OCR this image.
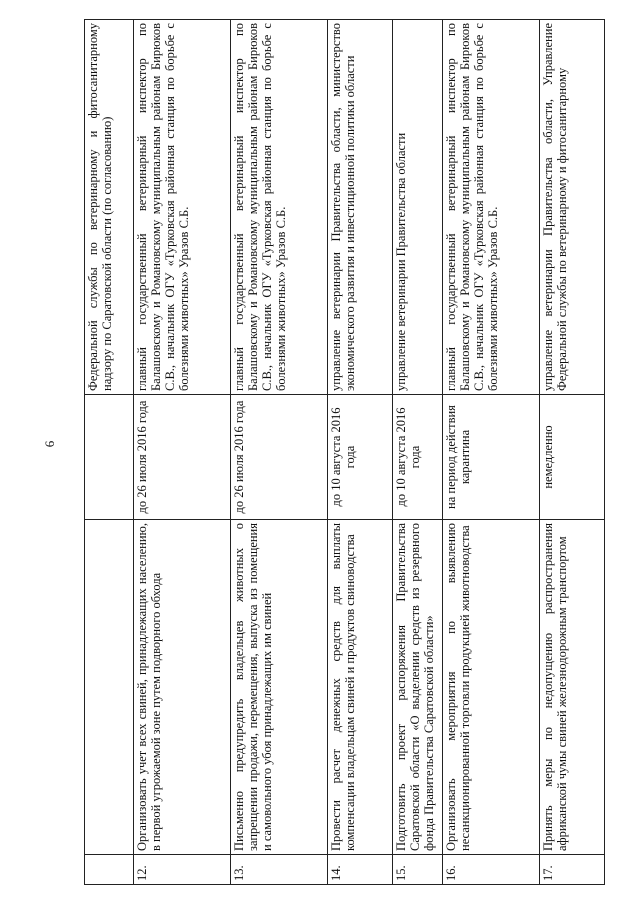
6
			Федеральной службы по ветеринарному и фитосанитарному надзору по Саратовской области (по согласованию)
12.	Организовать учет всех свиней, принадлежащих населению, в первой угрожаемой зоне путем подворного обхода	до 26 июля 2016 года	главный государственный ветеринарный инспектор по Балашовскому и Романовскому муниципальным районам Бирюков С.В., начальник ОГУ «Турковская районная станция по борьбе с болезнями животных» Уразов С.Б.
13.	Письменно предупредить владельцев животных о запрещении продажи, перемещения, выпуска из помещения и самовольного убоя принадлежащих им свиней	до 26 июля 2016 года	главный государственный ветеринарный инспектор по Балашовскому и Романовскому муниципальным районам Бирюков С.В., начальник ОГУ «Турковская районная станция по борьбе с болезнями животных» Уразов С.Б.
14.	Провести расчет денежных средств для выплаты компенсации владельцам свиней и продуктов свиноводства	до 10 августа 2016 года	управление ветеринарии Правительства области, министерство экономического развития и инвестиционной политики области
15.	Подготовить проект распоряжения Правительства Саратовской области «О выделении средств из резервного фонда Правительства Саратовской области»	до 10 августа 2016 года	управление ветеринарии Правительства области
16.	Организовать мероприятия по выявлению несанкционированной торговли продукцией животноводства	на период действия карантина	главный государственный ветеринарный инспектор по Балашовскому и Романовскому муниципальным районам Бирюков С.В., начальник ОГУ «Турковская районная станция по борьбе с болезнями животных» Уразов С.Б.
17.	Принять меры по недопущению распространения африканской чумы свиней железнодорожным транспортом	немедленно	управление ветеринарии Правительства области, Управление Федеральной службы по ветеринарному и фитосанитарному
